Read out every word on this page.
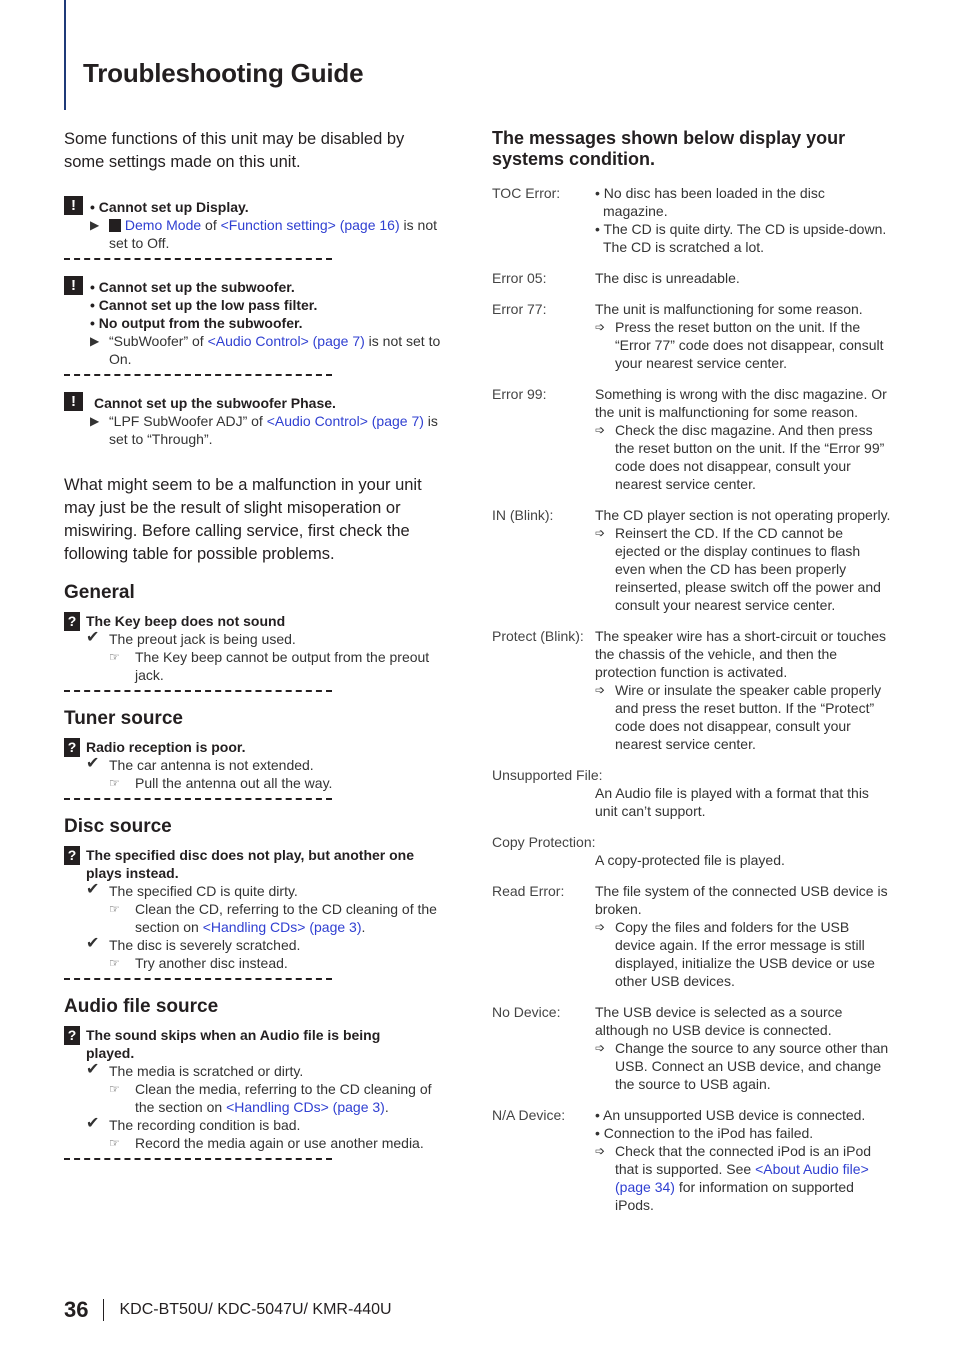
Troubleshooting Guide

Some functions of this unit may be disabled by
some settings made on this unit.

!	• Cannot set up Display.
▶ Demo Mode of <Function setting> (page 16) is not
set to Off.
!	• Cannot set up the subwoofer.
• Cannot set up the low pass filter.
• No output from the subwoofer.
▶ “SubWoofer” of <Audio Control> (page 7) is not set to
On.
!	Cannot set up the subwoofer Phase.
▶ “LPF SubWoofer ADJ” of <Audio Control> (page 7) is
set to “Through”.

What might seem to be a malfunction in your unit
may just be the result of slight misoperation or
miswiring. Before calling service, first check the
following table for possible problems.

General
? The Key beep does not sound
✔ The preout jack is being used.
☞ The Key beep cannot be output from the preout
jack.
Tuner source
? Radio reception is poor.
✔ The car antenna is not extended.
☞ Pull the antenna out all the way.
Disc source
? The specified disc does not play, but another one
plays instead.
✔ The specified CD is quite dirty.
☞ Clean the CD, referring to the CD cleaning of the
section on <Handling CDs> (page 3).
✔ The disc is severely scratched.
☞ Try another disc instead.
Audio file source
? The sound skips when an Audio file is being
played.
✔ The media is scratched or dirty.
☞ Clean the media, referring to the CD cleaning of
the section on <Handling CDs> (page 3).
✔ The recording condition is bad.
☞ Record the media again or use another media.
The messages shown below display your
systems condition.
TOC Error: • No disc has been loaded in the disc magazine.
• The CD is quite dirty. The CD is upside-down. The CD is scratched a lot.
Error 05:	The disc is unreadable.
Error 77:	The unit is malfunctioning for some reason.
➩ Press the reset button on the unit. If the “Error 77” code does not disappear, consult your nearest service center.
Error 99:	Something is wrong with the disc magazine. Or the unit is malfunctioning for some reason.
➩ Check the disc magazine. And then press the reset button on the unit. If the “Error 99” code does not disappear, consult your nearest service center.
IN (Blink):	The CD player section is not operating properly.
➩ Reinsert the CD. If the CD cannot be ejected or the display continues to flash even when the CD has been properly reinserted, please switch off the power and consult your nearest service center.
Protect (Blink): The speaker wire has a short-circuit or touches the chassis of the vehicle, and then the protection function is activated.
➩ Wire or insulate the speaker cable properly and press the reset button. If the “Protect” code does not disappear, consult your nearest service center.
Unsupported File:
An Audio file is played with a format that this unit can’t support.
Copy Protection:
A copy-protected file is played.
Read Error: The file system of the connected USB device is broken.
➩ Copy the files and folders for the USB device again. If the error message is still displayed, initialize the USB device or use other USB devices.
No Device: The USB device is selected as a source although no USB device is connected.
➩ Change the source to any source other than USB. Connect an USB device, and change the source to USB again.
N/A Device: • An unsupported USB device is connected.
• Connection to the iPod has failed.
➩ Check that the connected iPod is an iPod that is supported. See <About Audio file> (page 34) for information on supported iPods.
36 KDC-BT50U/ KDC-5047U/ KMR-440U
